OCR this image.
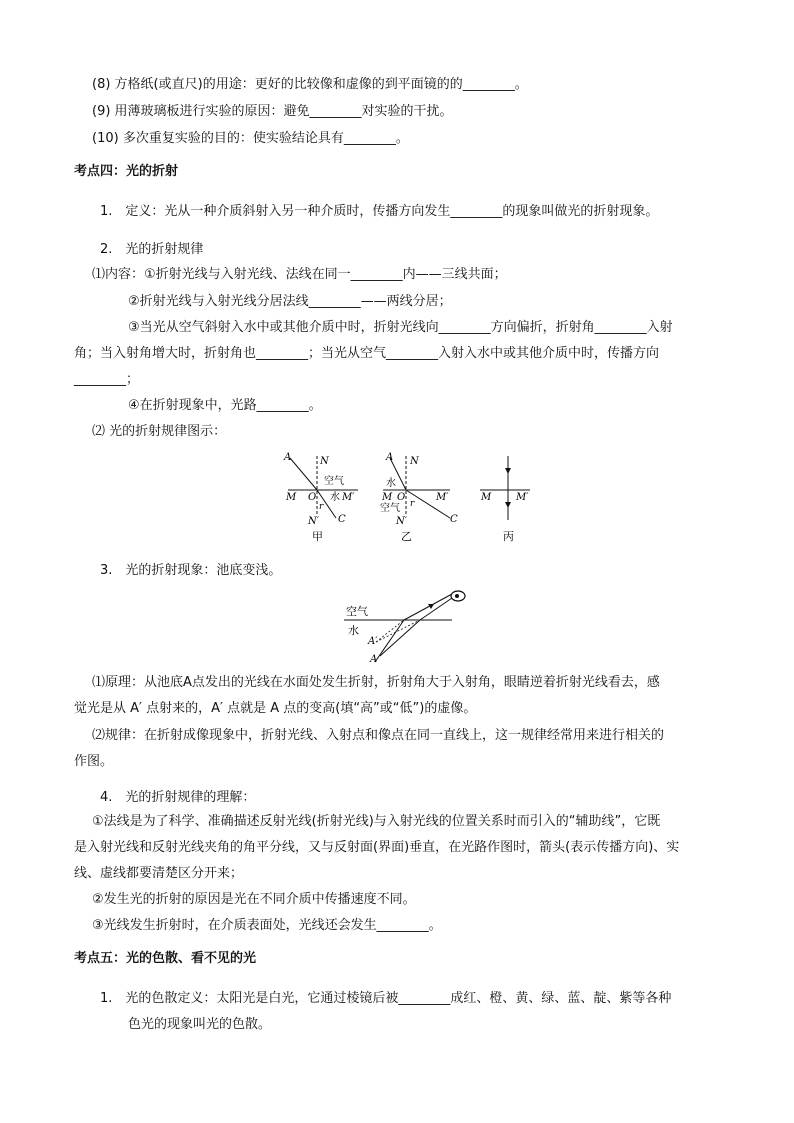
(8) 方格纸(或直尺)的用途：更好的比较像和虚像的到平面镜的的________。
(9) 用薄玻璃板进行实验的原因：避免________对实验的干扰。
(10) 多次重复实验的目的：使实验结论具有________。
考点四：光的折射
1.　定义：光从一种介质斜射入另一种介质时，传播方向发生________的现象叫做光的折射现象。
2.　光的折射规律
⑴内容：①折射光线与入射光线、法线在同一________内——三线共面；
②折射光线与入射光线分居法线________——两线分居；
③当光从空气斜射入水中或其他介质中时，折射光线向________方向偏折，折射角________入射
角；当入射角增大时，折射角也________；当光从空气________入射入水中或其他介质中时，传播方向
________；
④在折射现象中，光路________。
⑵ 光的折射规律图示：
A	N
空气
M O 水 M′
r
N′ C
甲
A N
水
M O	M′
空气 r
N′	C
乙
M M′
丙
3.　光的折射现象：池底变浅。
空气
水
A′
A
⑴原理：从池底A点发出的光线在水面处发生折射，折射角大于入射角，眼睛逆着折射光线看去，感
觉光是从 A′ 点射来的，A′ 点就是 A 点的变高(填“高”或“低”)的虚像。
⑵规律：在折射成像现象中，折射光线、入射点和像点在同一直线上，这一规律经常用来进行相关的
作图。
4.　光的折射规律的理解：
①法线是为了科学、准确描述反射光线(折射光线)与入射光线的位置关系时而引入的“辅助线”，它既
是入射光线和反射光线夹角的角平分线，又与反射面(界面)垂直，在光路作图时，箭头(表示传播方向)、实
线、虚线都要清楚区分开来；
②发生光的折射的原因是光在不同介质中传播速度不同。
③光线发生折射时，在介质表面处，光线还会发生________。
考点五：光的色散、看不见的光
1.　光的色散定义：太阳光是白光，它通过棱镜后被________成红、橙、黄、绿、蓝、靛、紫等各种
色光的现象叫光的色散。
